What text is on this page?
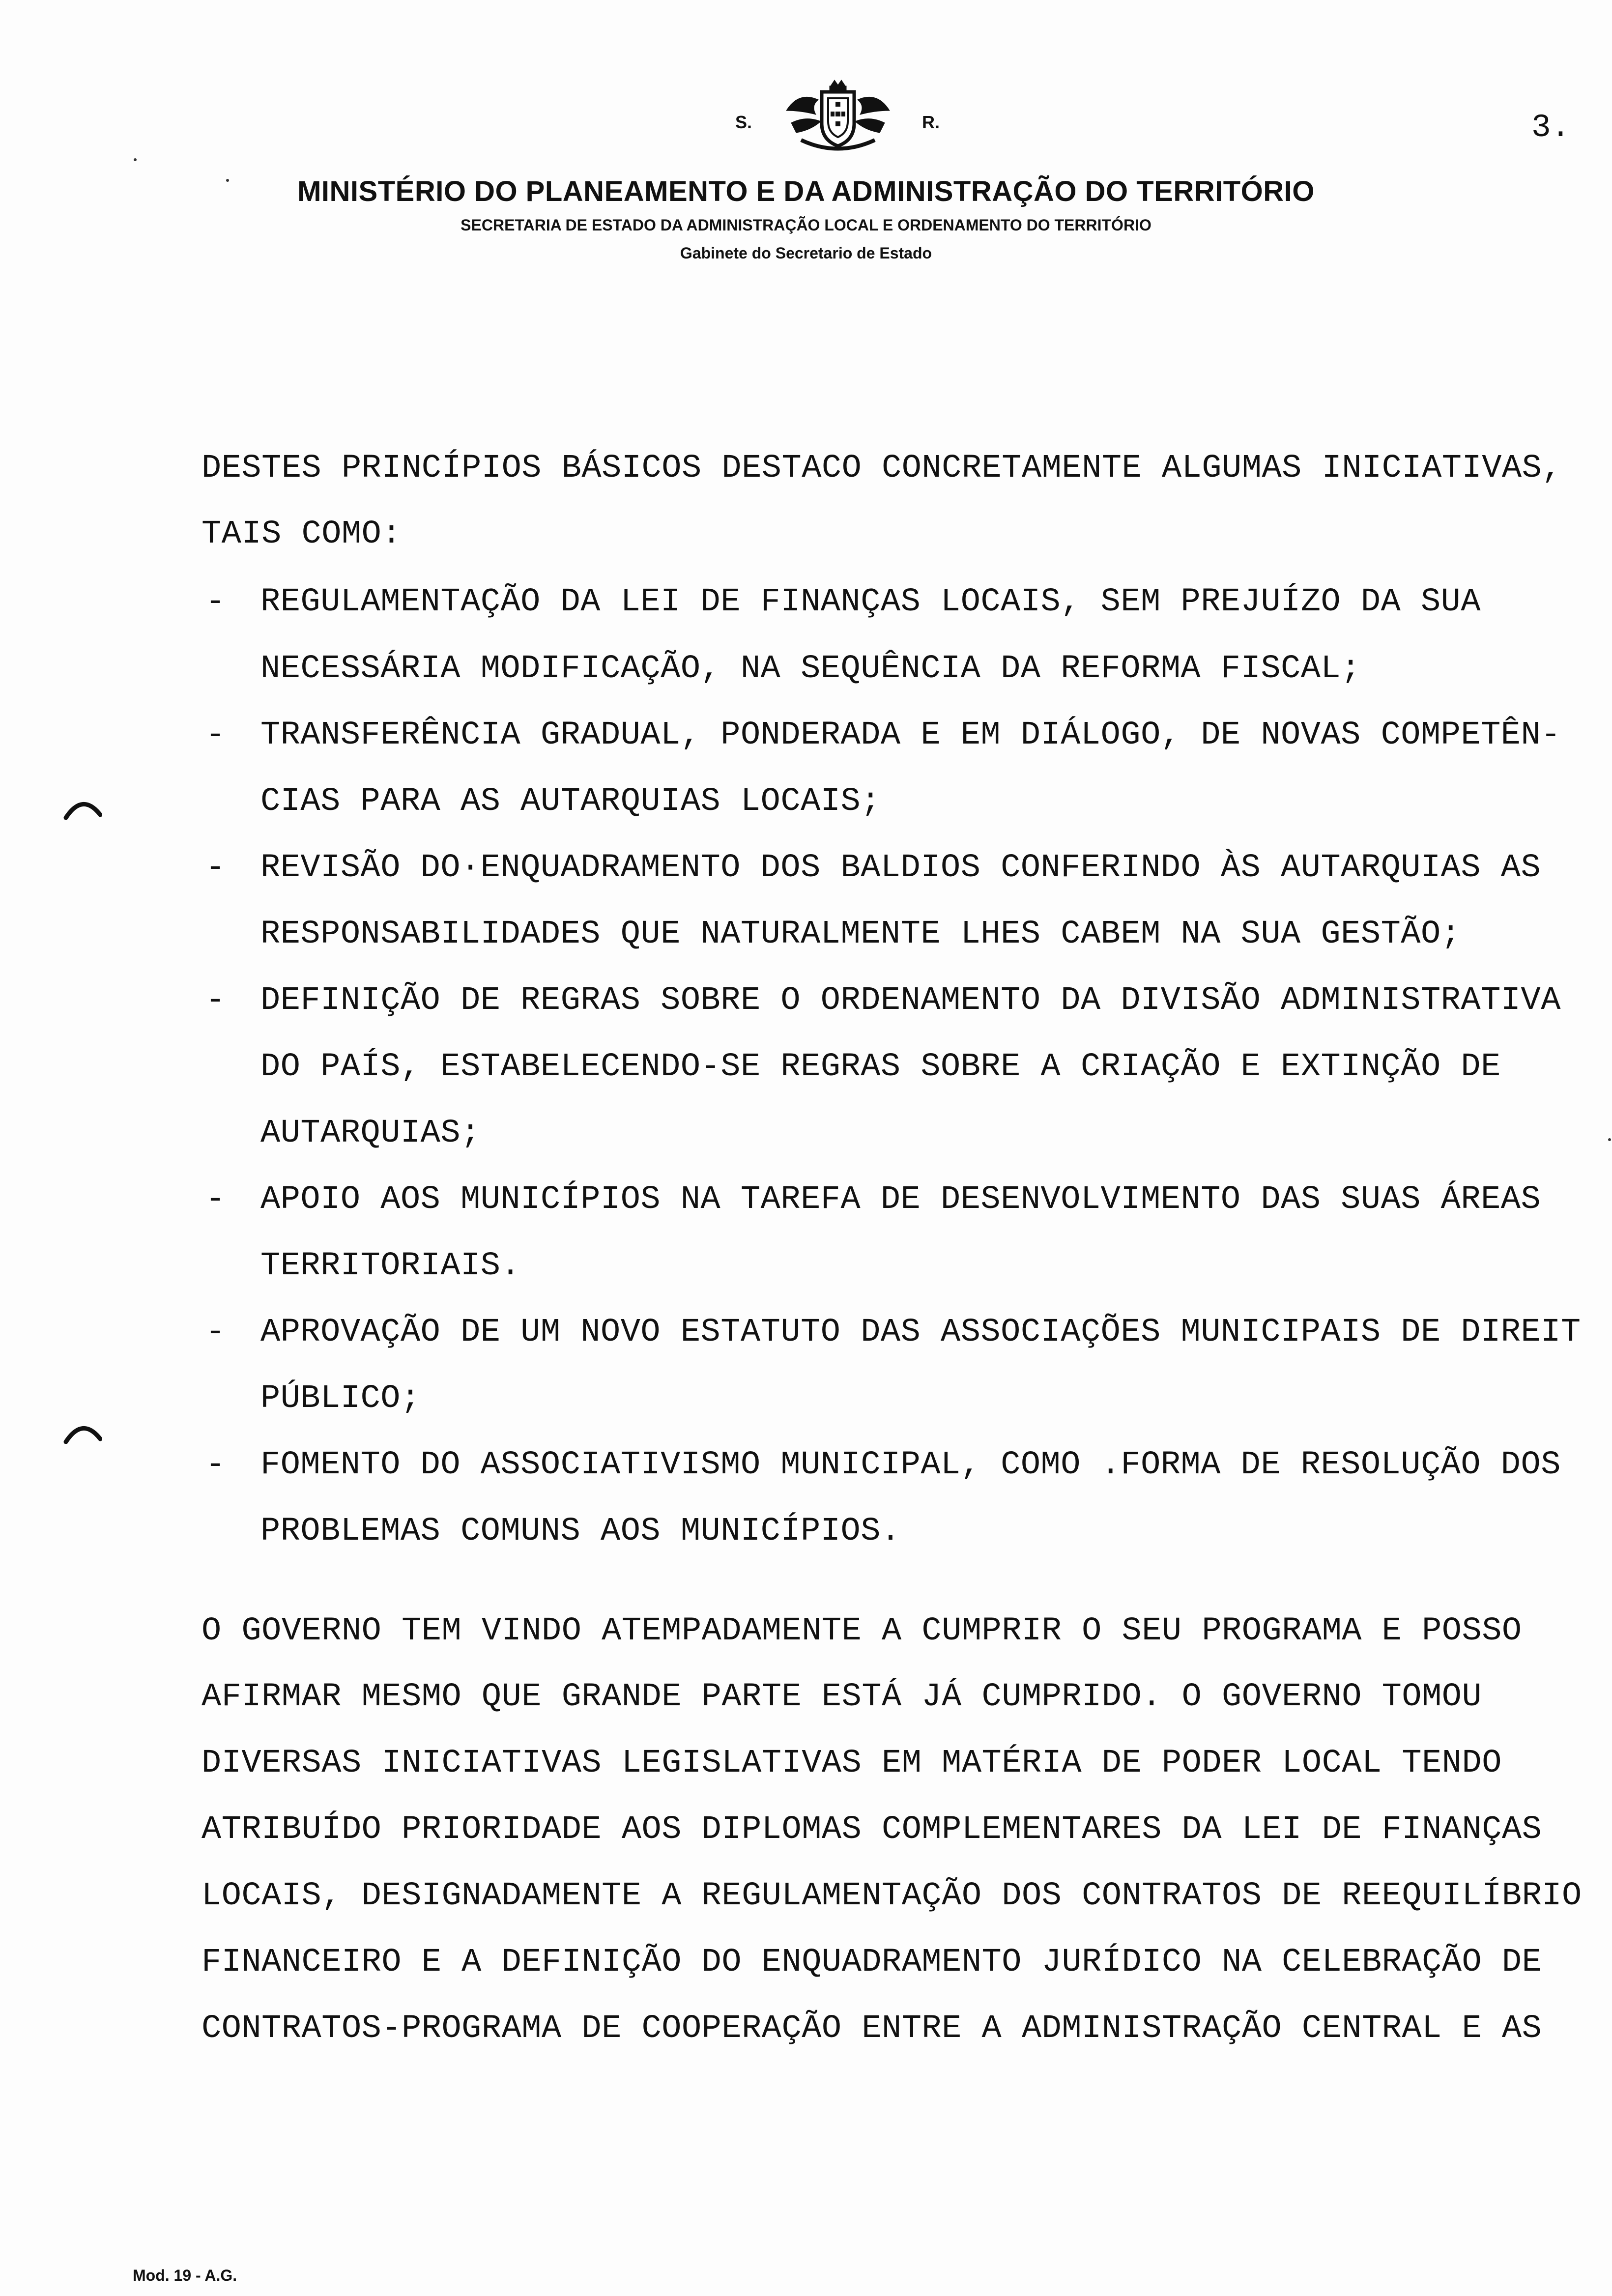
S.	R.	3.
MINISTÉRIO DO PLANEAMENTO E DA ADMINISTRAÇÃO DO TERRITÓRIO
SECRETARIA DE ESTADO DA ADMINISTRAÇÃO LOCAL E ORDENAMENTO DO TERRITÓRIO
Gabinete do Secretario de Estado
DESTES PRINCÍPIOS BÁSICOS DESTACO CONCRETAMENTE ALGUMAS INICIATIVAS,
TAIS COMO:
- REGULAMENTAÇÃO DA LEI DE FINANÇAS LOCAIS, SEM PREJUÍZO DA SUA
NECESSÁRIA MODIFICAÇÃO, NA SEQUÊNCIA DA REFORMA FISCAL;
- TRANSFERÊNCIA GRADUAL, PONDERADA E EM DIÁLOGO, DE NOVAS COMPETÊN-
CIAS PARA AS AUTARQUIAS LOCAIS;
- REVISÃO DO·ENQUADRAMENTO DOS BALDIOS CONFERINDO ÀS AUTARQUIAS AS
RESPONSABILIDADES QUE NATURALMENTE LHES CABEM NA SUA GESTÃO;
- DEFINIÇÃO DE REGRAS SOBRE O ORDENAMENTO DA DIVISÃO ADMINISTRATIVA
DO PAÍS, ESTABELECENDO-SE REGRAS SOBRE A CRIAÇÃO E EXTINÇÃO DE
AUTARQUIAS;
- APOIO AOS MUNICÍPIOS NA TAREFA DE DESENVOLVIMENTO DAS SUAS ÁREAS
TERRITORIAIS.
- APROVAÇÃO DE UM NOVO ESTATUTO DAS ASSOCIAÇÕES MUNICIPAIS DE DIREIT
PÚBLICO;
- FOMENTO DO ASSOCIATIVISMO MUNICIPAL, COMO .FORMA DE RESOLUÇÃO DOS
PROBLEMAS COMUNS AOS MUNICÍPIOS.
O GOVERNO TEM VINDO ATEMPADAMENTE A CUMPRIR O SEU PROGRAMA E POSSO
AFIRMAR MESMO QUE GRANDE PARTE ESTÁ JÁ CUMPRIDO. O GOVERNO TOMOU
DIVERSAS INICIATIVAS LEGISLATIVAS EM MATÉRIA DE PODER LOCAL TENDO
ATRIBUÍDO PRIORIDADE AOS DIPLOMAS COMPLEMENTARES DA LEI DE FINANÇAS
LOCAIS, DESIGNADAMENTE A REGULAMENTAÇÃO DOS CONTRATOS DE REEQUILÍBRIO
FINANCEIRO E A DEFINIÇÃO DO ENQUADRAMENTO JURÍDICO NA CELEBRAÇÃO DE
CONTRATOS-PROGRAMA DE COOPERAÇÃO ENTRE A ADMINISTRAÇÃO CENTRAL E AS
Mod. 19 - A.G.
